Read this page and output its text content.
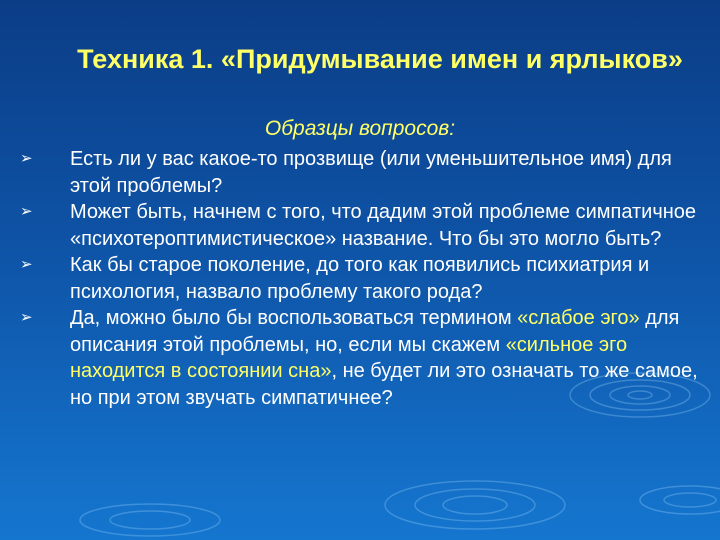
Техника 1. «Придумывание имен и ярлыков»
Образцы вопросов:
➢ Есть ли у вас какое-то прозвище (или уменьшительное имя) для этой проблемы?
➢ Может быть, начнем с того, что дадим этой проблеме симпатичное «психотероптимистическое» название. Что бы это могло быть?
➢ Как бы старое поколение, до того как появились психиатрия и психология, назвало проблему такого рода?
➢ Да, можно было бы воспользоваться термином «слабое эго» для описания этой проблемы, но, если мы скажем «сильное эго находится в состоянии сна», не будет ли это означать то же самое, но при этом звучать симпатичнее?
